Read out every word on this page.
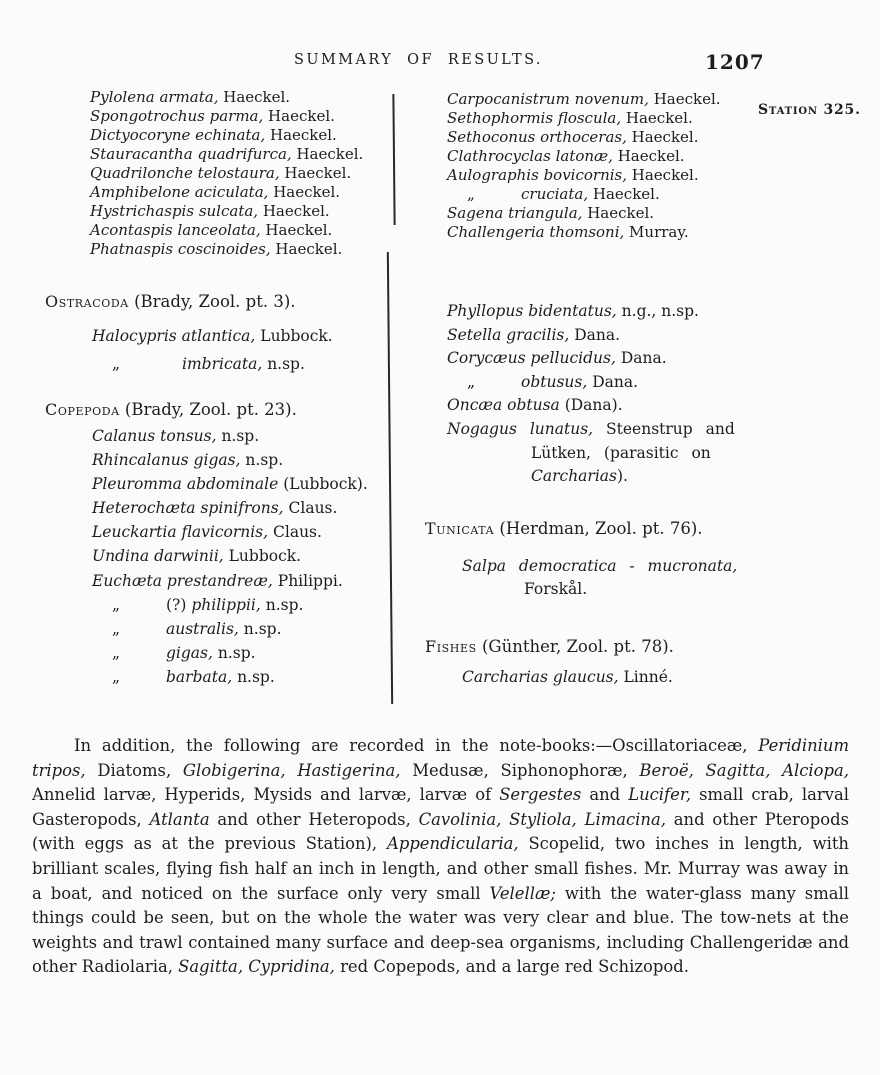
SUMMARY OF RESULTS.	1207
Station 325.
Pylolena armata, Haeckel.
Spongotrochus parma, Haeckel.
Dictyocoryne echinata, Haeckel.
Stauracantha quadrifurca, Haeckel.
Quadrilonche telostaura, Haeckel.
Amphibelone aciculata, Haeckel.
Hystrichaspis sulcata, Haeckel.
Acontaspis lanceolata, Haeckel.
Phatnaspis coscinoides, Haeckel.
Carpocanistrum novenum, Haeckel.
Sethophormis floscula, Haeckel.
Sethoconus orthoceras, Haeckel.
Clathrocyclas latonæ, Haeckel.
Aulographis bovicornis, Haeckel.
„	cruciata, Haeckel.
Sagena triangula, Haeckel.
Challengeria thomsoni, Murray.
Ostracoda (Brady, Zool. pt. 3).
Halocypris atlantica, Lubbock.
„	imbricata, n.sp.
Copepoda (Brady, Zool. pt. 23).
Calanus tonsus, n.sp.
Rhincalanus gigas, n.sp.
Pleuromma abdominale (Lubbock).
Heterochæta spinifrons, Claus.
Leuckartia flavicornis, Claus.
Undina darwinii, Lubbock.
Euchæta prestandreæ, Philippi.
„	(?) philippii, n.sp.
„	australis, n.sp.
„	gigas, n.sp.
„	barbata, n.sp.
Phyllopus bidentatus, n.g., n.sp.
Setella gracilis, Dana.
Corycæus pellucidus, Dana.
„	obtusus, Dana.
Oncæa obtusa (Dana).
Nogagus lunatus, Steenstrup and
Lütken, (parasitic on
Carcharias).
Tunicata (Herdman, Zool. pt. 76).
Salpa democratica - mucronata,
Forskål.
Fishes (Günther, Zool. pt. 78).
Carcharias glaucus, Linné.
In addition, the following are recorded in the note-books:—Oscillatoriaceæ, Peridinium tripos, Diatoms, Globigerina, Hastigerina, Medusæ, Siphonophoræ, Beroë, Sagitta, Alciopa, Annelid larvæ, Hyperids, Mysids and larvæ, larvæ of Sergestes and Lucifer, small crab, larval Gasteropods, Atlanta and other Heteropods, Cavolinia, Styliola, Limacina, and other Pteropods (with eggs as at the previous Station), Appendicularia, Scopelid, two inches in length, with brilliant scales, flying fish half an inch in length, and other small fishes. Mr. Murray was away in a boat, and noticed on the surface only very small Velellæ; with the water-glass many small things could be seen, but on the whole the water was very clear and blue. The tow-nets at the weights and trawl contained many surface and deep-sea organisms, including Challengeridæ and other Radiolaria, Sagitta, Cypridina, red Copepods, and a large red Schizopod.
